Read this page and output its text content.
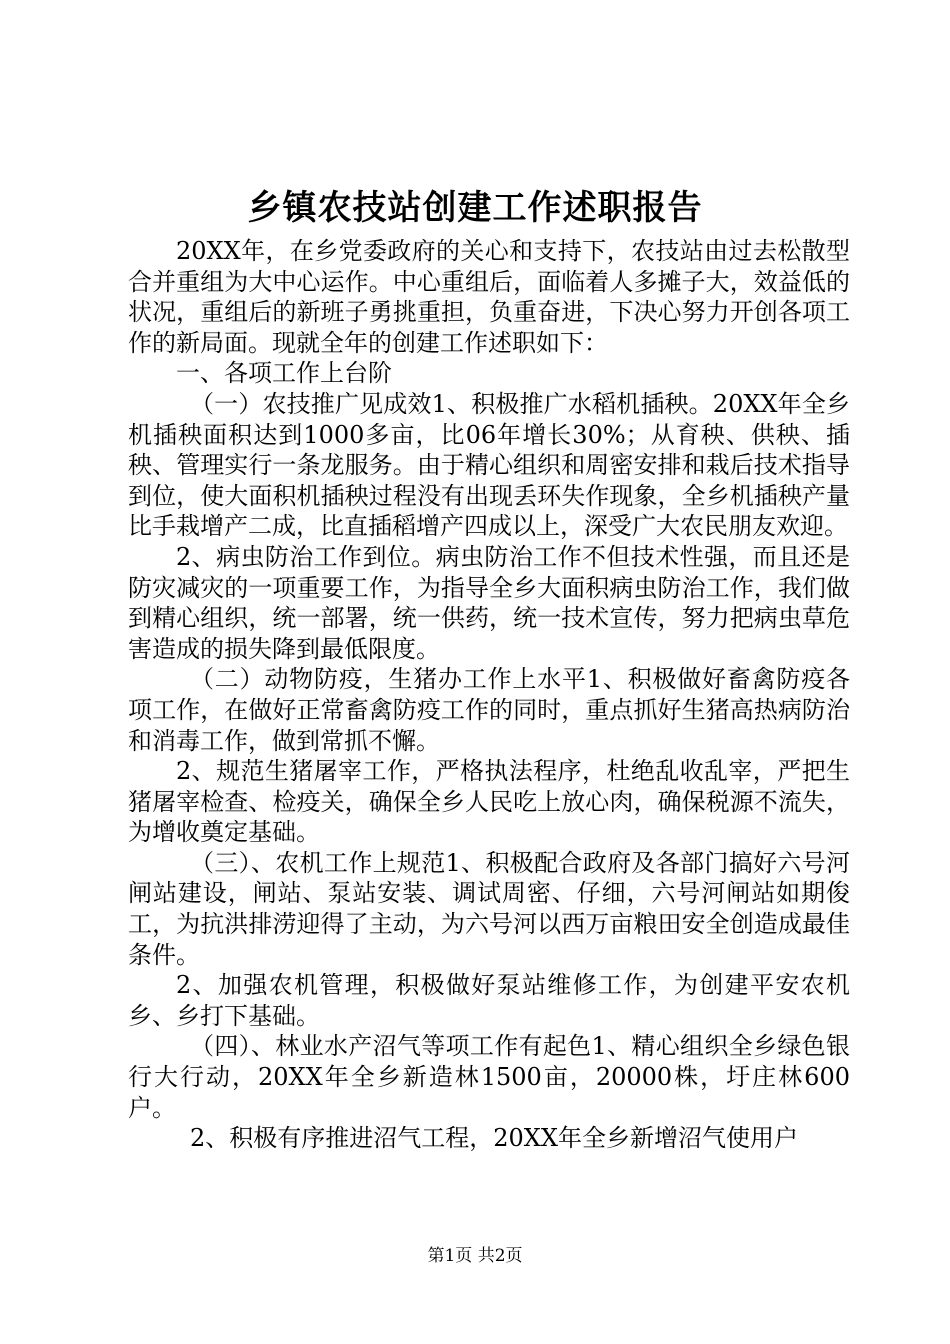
乡镇农技站创建工作述职报告

20XX年，在乡党委政府的关心和支持下，农技站由过去松散型合并重组为大中心运作。中心重组后，面临着人多摊子大，效益低的状况，重组后的新班子勇挑重担，负重奋进，下决心努力开创各项工作的新局面。现就全年的创建工作述职如下：

一、各项工作上台阶

（一）农技推广见成效1、积极推广水稻机插秧。20XX年全乡机插秧面积达到1000多亩，比06年增长30%；从育秧、供秧、插秧、管理实行一条龙服务。由于精心组织和周密安排和栽后技术指导到位，使大面积机插秧过程没有出现丢环失作现象，全乡机插秧产量比手栽增产二成，比直插稻增产四成以上，深受广大农民朋友欢迎。

2、病虫防治工作到位。病虫防治工作不但技术性强，而且还是防灾减灾的一项重要工作，为指导全乡大面积病虫防治工作，我们做到精心组织，统一部署，统一供药，统一技术宣传，努力把病虫草危害造成的损失降到最低限度。

（二）动物防疫，生猪办工作上水平1、积极做好畜禽防疫各项工作，在做好正常畜禽防疫工作的同时，重点抓好生猪高热病防治和消毒工作，做到常抓不懈。

2、规范生猪屠宰工作，严格执法程序，杜绝乱收乱宰，严把生猪屠宰检查、检疫关，确保全乡人民吃上放心肉，确保税源不流失，为增收奠定基础。

（三）、农机工作上规范1、积极配合政府及各部门搞好六号河闸站建设，闸站、泵站安装、调试周密、仔细，六号河闸站如期俊工，为抗洪排涝迎得了主动，为六号河以西万亩粮田安全创造成最佳条件。

2、加强农机管理，积极做好泵站维修工作，为创建平安农机乡、乡打下基础。

（四）、林业水产沼气等项工作有起色1、精心组织全乡绿色银行大行动，20XX年全乡新造林1500亩，20000株，圩庄林600户。

2、积极有序推进沼气工程，20XX年全乡新增沼气使用户

第1页 共2页
